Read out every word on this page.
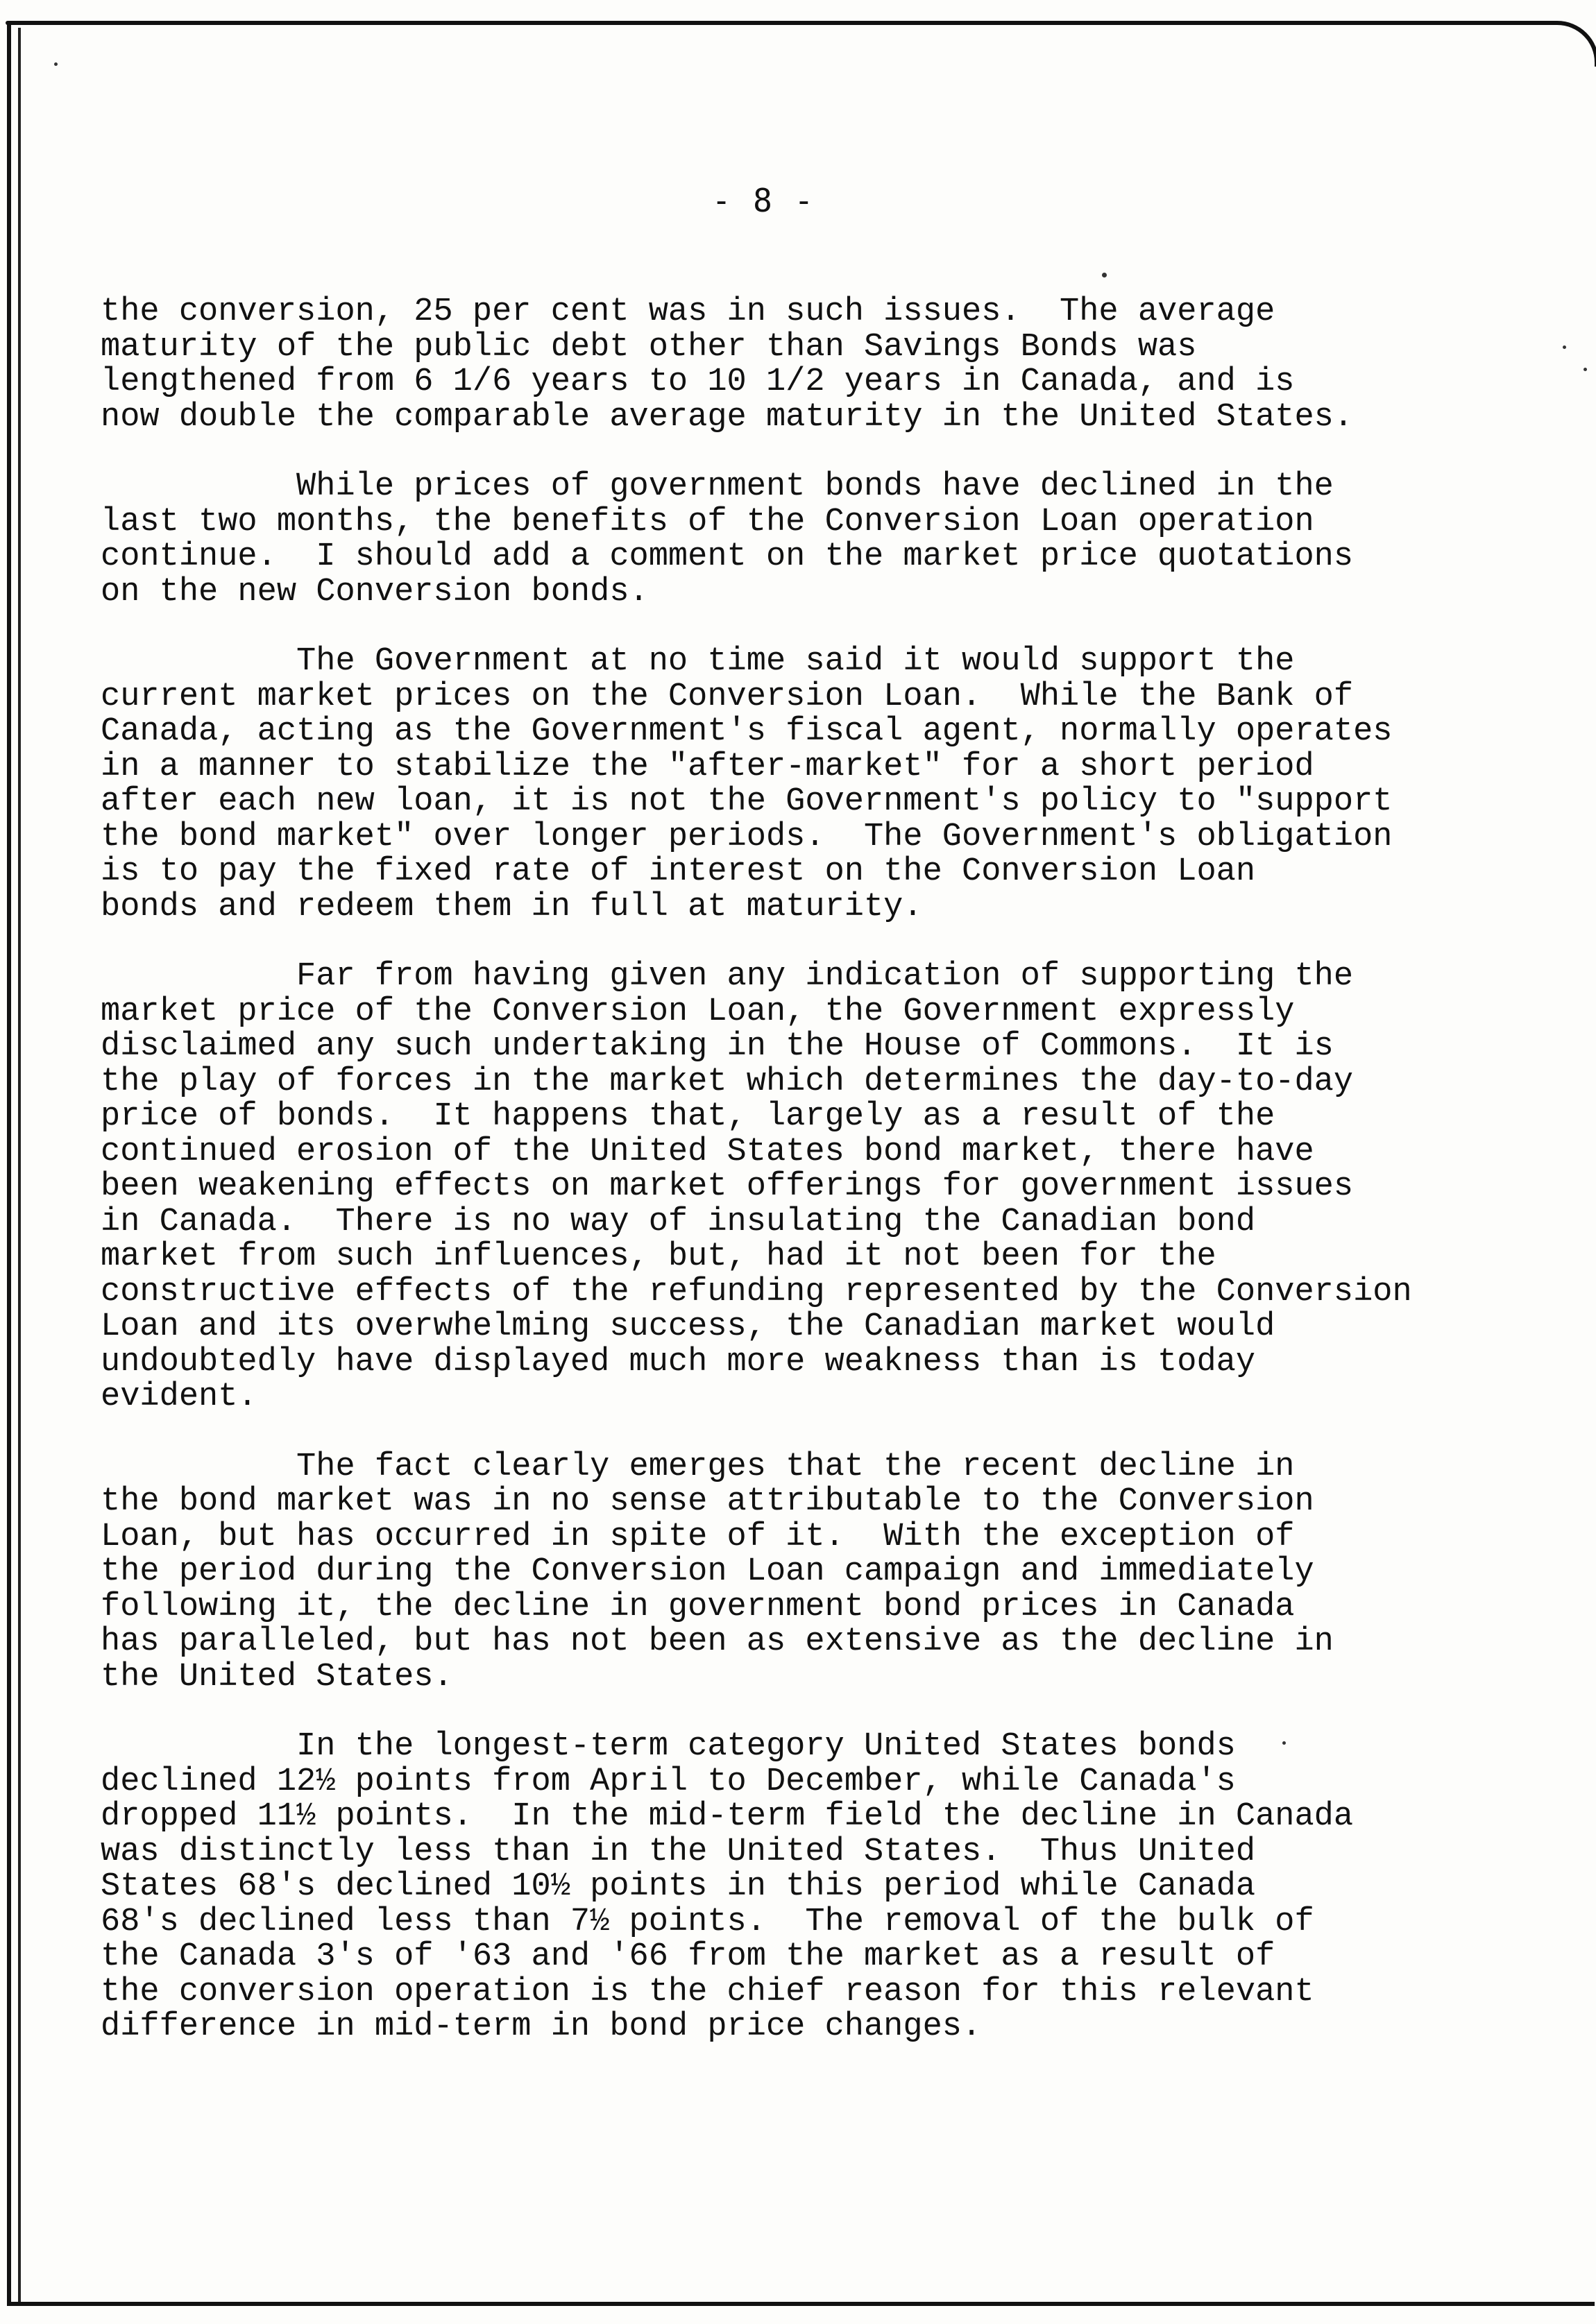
- 8 -
the conversion, 25 per cent was in such issues.  The average
maturity of the public debt other than Savings Bonds was
lengthened from 6 1/6 years to 10 1/2 years in Canada, and is
now double the comparable average maturity in the United States.
While prices of government bonds have declined in the
last two months, the benefits of the Conversion Loan operation
continue.  I should add a comment on the market price quotations
on the new Conversion bonds.
The Government at no time said it would support the
current market prices on the Conversion Loan.  While the Bank of
Canada, acting as the Government's fiscal agent, normally operates
in a manner to stabilize the "after-market" for a short period
after each new loan, it is not the Government's policy to "support
the bond market" over longer periods.  The Government's obligation
is to pay the fixed rate of interest on the Conversion Loan
bonds and redeem them in full at maturity.
Far from having given any indication of supporting the
market price of the Conversion Loan, the Government expressly
disclaimed any such undertaking in the House of Commons.  It is
the play of forces in the market which determines the day-to-day
price of bonds.  It happens that, largely as a result of the
continued erosion of the United States bond market, there have
been weakening effects on market offerings for government issues
in Canada.  There is no way of insulating the Canadian bond
market from such influences, but, had it not been for the
constructive effects of the refunding represented by the Conversion
Loan and its overwhelming success, the Canadian market would
undoubtedly have displayed much more weakness than is today
evident.
The fact clearly emerges that the recent decline in
the bond market was in no sense attributable to the Conversion
Loan, but has occurred in spite of it.  With the exception of
the period during the Conversion Loan campaign and immediately
following it, the decline in government bond prices in Canada
has paralleled, but has not been as extensive as the decline in
the United States.
In the longest-term category United States bonds
declined 12½ points from April to December, while Canada's
dropped 11½ points.  In the mid-term field the decline in Canada
was distinctly less than in the United States.  Thus United
States 68's declined 10½ points in this period while Canada
68's declined less than 7½ points.  The removal of the bulk of
the Canada 3's of '63 and '66 from the market as a result of
the conversion operation is the chief reason for this relevant
difference in mid-term in bond price changes.
